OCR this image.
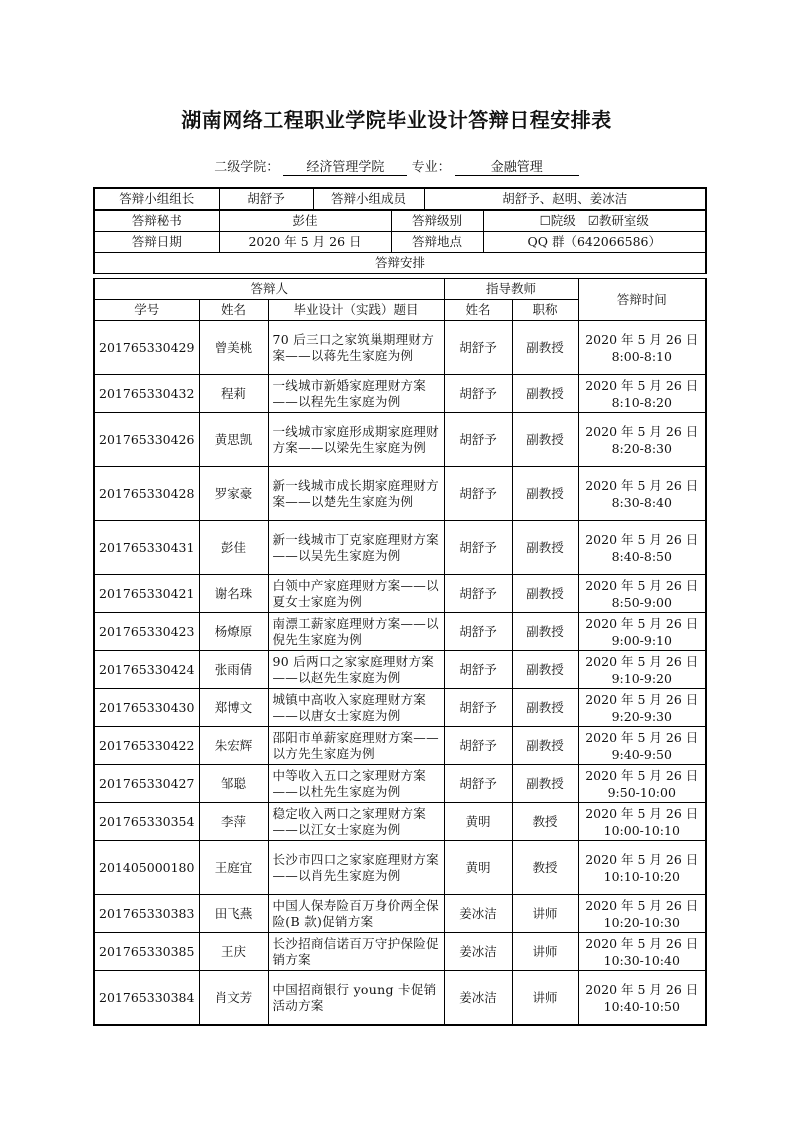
湖南网络工程职业学院毕业设计答辩日程安排表
二级学院： 经济管理学院 专业：	金融管理
答辩小组组长	胡舒予		答辩小组成员	胡舒予、赵明、姜冰洁
答辩秘书	彭佳	答辩级别	☐院级 ☑教研室级
答辩日期	2020 年 5 月 26 日	答辩地点	QQ 群（642066586）
答辩安排			
答辩人			指导教师		答辩时间
学号	姓名	毕业设计（实践）题目	姓名	职称	
201765330429	曾美桃	70 后三口之家筑巢期理财方案——以蒋先生家庭为例	胡舒予	副教授	2020 年 5 月 26 日
8:00-8:10

201765330432	程莉	一线城市新婚家庭理财方案——以程先生家庭为例	胡舒予	副教授	2020 年 5 月 26 日
8:10-8:20

201765330426	黄思凯	一线城市家庭形成期家庭理财方案——以梁先生家庭为例	胡舒予	副教授	2020 年 5 月 26 日
8:20-8:30

201765330428	罗家豪	新一线城市成长期家庭理财方案——以楚先生家庭为例	胡舒予	副教授	2020 年 5 月 26 日
8:30-8:40

201765330431	彭佳	新一线城市丁克家庭理财方案——以吴先生家庭为例	胡舒予	副教授	2020 年 5 月 26 日
8:40-8:50

201765330421	谢名珠	白领中产家庭理财方案——以夏女士家庭为例	胡舒予	副教授	2020 年 5 月 26 日
8:50-9:00

201765330423	杨燎原	南漂工薪家庭理财方案——以倪先生家庭为例	胡舒予	副教授	2020 年 5 月 26 日
9:00-9:10

201765330424	张雨倩	90 后两口之家家庭理财方案——以赵先生家庭为例	胡舒予	副教授	2020 年 5 月 26 日
9:10-9:20

201765330430	郑博文	城镇中高收入家庭理财方案——以唐女士家庭为例	胡舒予	副教授	2020 年 5 月 26 日
9:20-9:30

201765330422	朱宏辉	邵阳市单薪家庭理财方案——以方先生家庭为例	胡舒予	副教授	2020 年 5 月 26 日
9:40-9:50

201765330427	邹聪	中等收入五口之家理财方案——以杜先生家庭为例	胡舒予	副教授	2020 年 5 月 26 日
9:50-10:00

201765330354	李萍	稳定收入两口之家理财方案——以江女士家庭为例	黄明	教授	2020 年 5 月 26 日
10:00-10:10

201405000180	王庭宜	长沙市四口之家家庭理财方案——以肖先生家庭为例	黄明	教授	2020 年 5 月 26 日
10:10-10:20

201765330383	田飞燕	中国人保寿险百万身价两全保险(B 款)促销方案	姜冰洁	讲师	2020 年 5 月 26 日
10:20-10:30

201765330385	王庆	长沙招商信诺百万守护保险促销方案	姜冰洁	讲师	2020 年 5 月 26 日
10:30-10:40

201765330384	肖文芳	中国招商银行 young 卡促销活动方案	姜冰洁	讲师	2020 年 5 月 26 日
10:40-10:50
